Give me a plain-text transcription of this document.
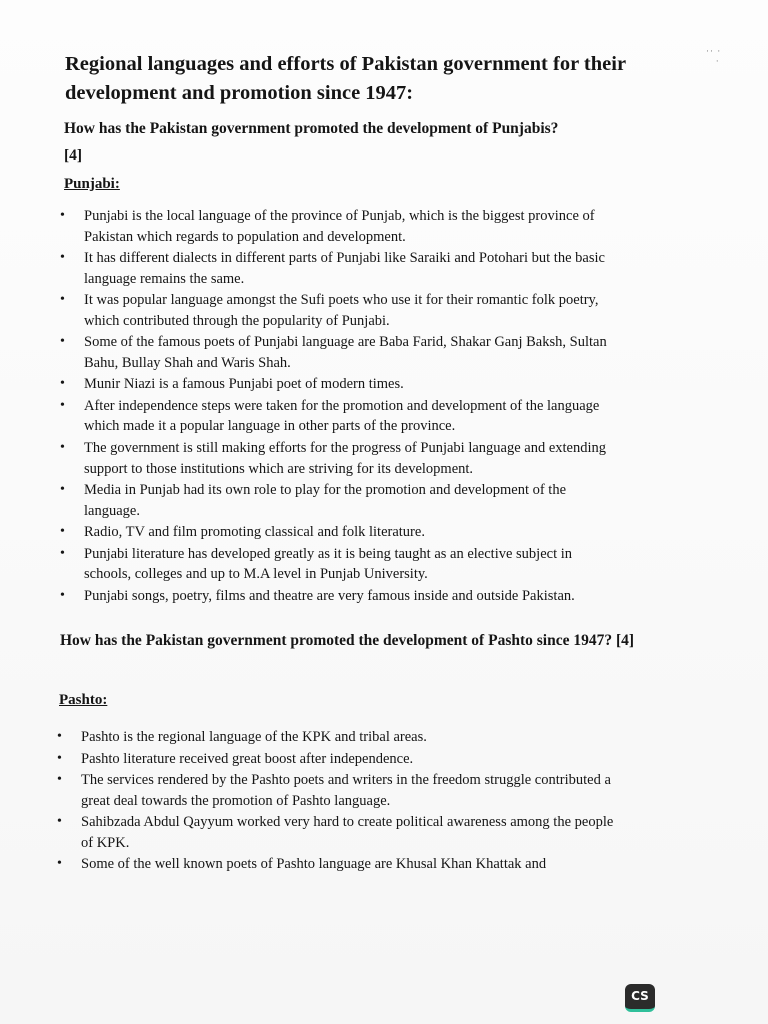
Regional languages and efforts of Pakistan government for their development and promotion since 1947:
·· ·
·
How has the Pakistan government promoted the development of Punjabis?
[4]
Punjabi:
• Punjabi is the local language of the province of Punjab, which is the biggest province of Pakistan which regards to population and development.
• It has different dialects in different parts of Punjabi like Saraiki and Potohari but the basic language remains the same.
• It was popular language amongst the Sufi poets who use it for their romantic folk poetry, which contributed through the popularity of Punjabi.
• Some of the famous poets of Punjabi language are Baba Farid, Shakar Ganj Baksh, Sultan Bahu, Bullay Shah and Waris Shah.
• Munir Niazi is a famous Punjabi poet of modern times.
• After independence steps were taken for the promotion and development of the language which made it a popular language in other parts of the province.
• The government is still making efforts for the progress of Punjabi language and extending support to those institutions which are striving for its development.
• Media in Punjab had its own role to play for the promotion and development of the language.
• Radio, TV and film promoting classical and folk literature.
• Punjabi literature has developed greatly as it is being taught as an elective subject in schools, colleges and up to M.A level in Punjab University.
• Punjabi songs, poetry, films and theatre are very famous inside and outside Pakistan.
How has the Pakistan government promoted the development of Pashto since 1947? [4]
Pashto:
• Pashto is the regional language of the KPK and tribal areas.
• Pashto literature received great boost after independence.
• The services rendered by the Pashto poets and writers in the freedom struggle contributed a great deal towards the promotion of Pashto language.
• Sahibzada Abdul Qayyum worked very hard to create political awareness among the people of KPK.
• Some of the well known poets of Pashto language are Khusal Khan Khattak and
CS
